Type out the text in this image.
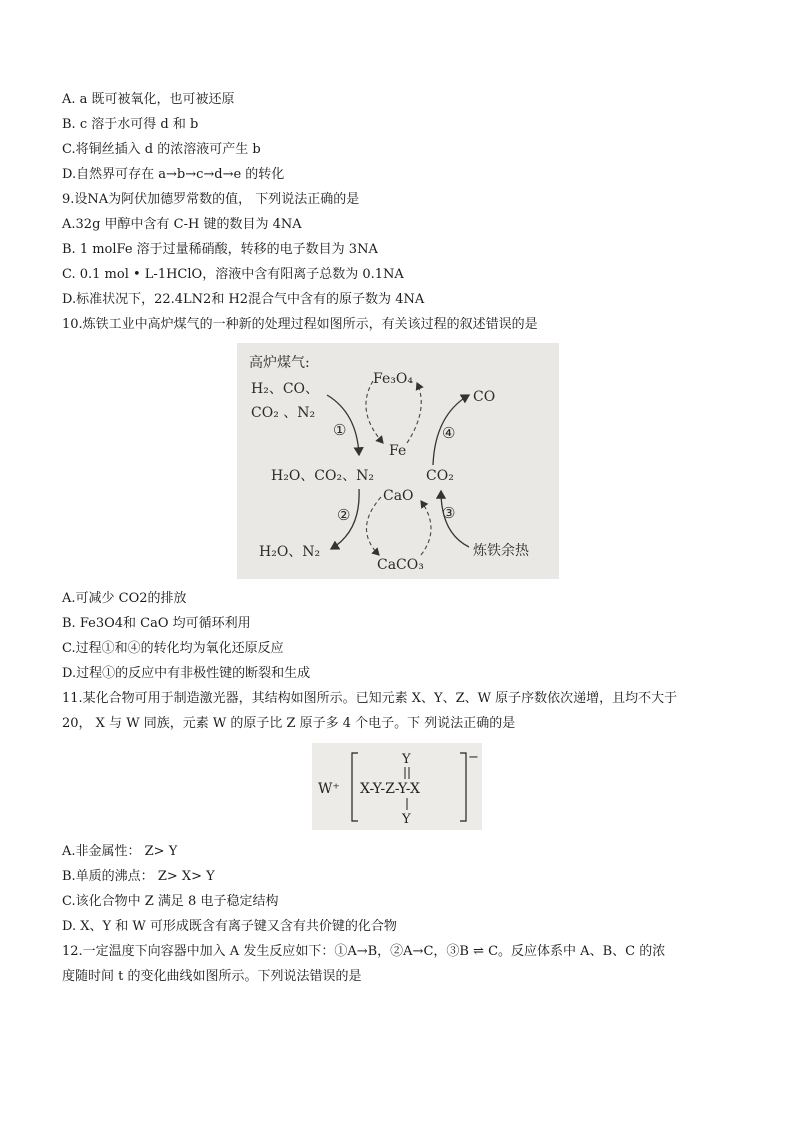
A. a 既可被氧化，也可被还原
B. c 溶于水可得 d 和 b
C.将铜丝插入 d 的浓溶液可产生 b
D.自然界可存在 a→b→c→d→e 的转化
9.设NA为阿伏加德罗常数的值， 下列说法正确的是
A.32g 甲醇中含有 C-H 键的数目为 4NA
B. 1 molFe 溶于过量稀硝酸，转移的电子数目为 3NA
C. 0.1 mol • L-1HClO，溶液中含有阳离子总数为 0.1NA
D.标准状况下，22.4LN2和 H2混合气中含有的原子数为 4NA
10.炼铁工业中高炉煤气的一种新的处理过程如图所示，有关该过程的叙述错误的是
高炉煤气:
H₂、CO、
CO₂ 、N₂
Fe₃O₄
Fe
CO
H₂O、CO₂、N₂
CaO
CO₂
H₂O、N₂
CaCO₃
炼铁余热
①	④
②	③
A.可减少 CO2的排放
B. Fe3O4和 CaO 均可循环利用
C.过程①和④的转化均为氧化还原反应
D.过程①的反应中有非极性键的断裂和生成
11.某化合物可用于制造激光器，其结构如图所示。已知元素 X、Y、Z、W 原子序数依次递增，且均不大于
20， X 与 W 同族，元素 W 的原子比 Z 原子多 4 个电子。下 列说法正确的是
W⁺
−
X-Y-Z-Y-X
Y
Y
A.非金属性： Z> Y
B.单质的沸点： Z> X> Y
C.该化合物中 Z 满足 8 电子稳定结构
D. X、Y 和 W 可形成既含有离子键又含有共价键的化合物
12.一定温度下向容器中加入 A 发生反应如下：①A→B，②A→C，③B ⇌ C。反应体系中 A、B、C 的浓
度随时间 t 的变化曲线如图所示。下列说法错误的是
